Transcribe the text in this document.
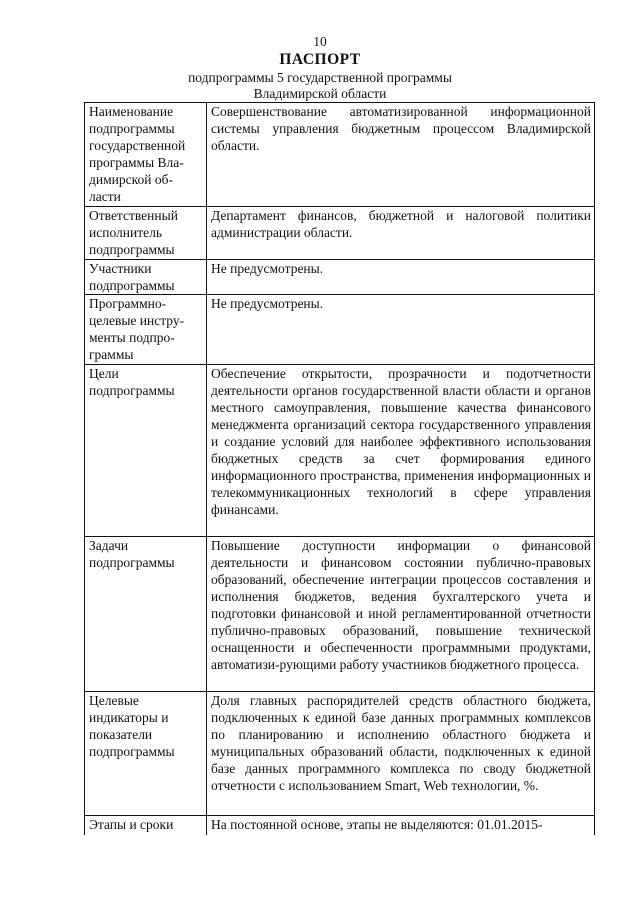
10
ПАСПОРТ
подпрограммы 5 государственной программы
Владимирской области
Наименование подпрограммы государственной программы Вла-димирской об-ласти	Совершенствование автоматизированной информационной системы управления бюджетным процессом Владимирской области.
Ответственный исполнитель подпрограммы	Департамент финансов, бюджетной и налоговой политики администрации области.
Участники подпрограммы	Не предусмотрены.
Программно-целевые инстру-менты подпро-граммы	Не предусмотрены.
Цели подпрограммы	Обеспечение открытости, прозрачности и подотчетности деятельности органов государственной власти области и органов местного самоуправления, повышение качества финансового менеджмента организаций сектора государственного управления и создание условий для наиболее эффективного использования бюджетных средств за счет формирования единого информационного пространства, применения информационных и телекоммуникационных технологий в сфере управления финансами.
Задачи подпрограммы	Повышение доступности информации о финансовой деятельности и финансовом состоянии публично-правовых образований, обеспечение интеграции процессов составления и исполнения бюджетов, ведения бухгалтерского учета и подготовки финансовой и иной регламентированной отчетности публично-правовых образований, повышение технической оснащенности и обеспеченности программными продуктами, автоматизи-рующими работу участников бюджетного процесса.
Целевые индикаторы и показатели подпрограммы	Доля главных распорядителей средств областного бюджета, подключенных к единой базе данных программных комплексов по планированию и исполнению областного бюджета и муниципальных образований области, подключенных к единой базе данных программного комплекса по своду бюджетной отчетности с использованием Smart, Web технологии, %.
Этапы и сроки	На постоянной основе, этапы не выделяются: 01.01.2015-
